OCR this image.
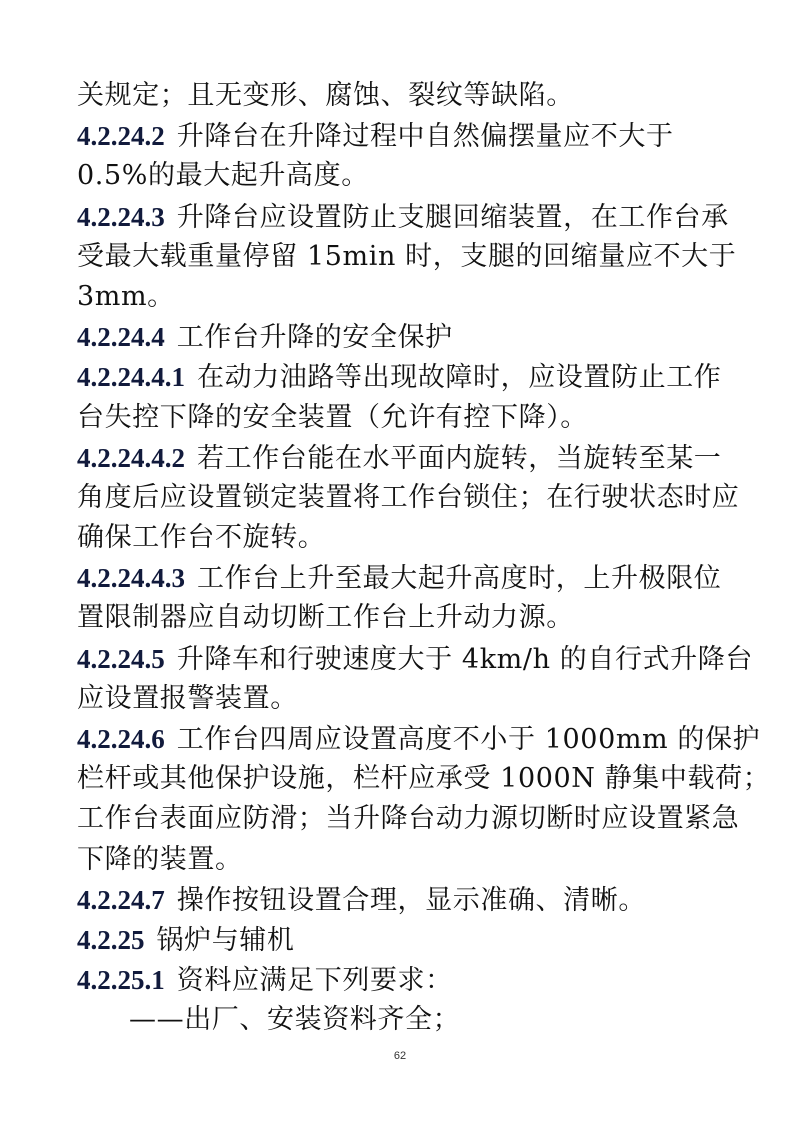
关规定；且无变形、腐蚀、裂纹等缺陷。
4.2.24.2 升降台在升降过程中自然偏摆量应不大于
0.5%的最大起升高度。
4.2.24.3 升降台应设置防止支腿回缩装置，在工作台承
受最大载重量停留 15min 时，支腿的回缩量应不大于
3mm。
4.2.24.4 工作台升降的安全保护
4.2.24.4.1 在动力油路等出现故障时，应设置防止工作
台失控下降的安全装置（允许有控下降）。
4.2.24.4.2 若工作台能在水平面内旋转，当旋转至某一
角度后应设置锁定装置将工作台锁住；在行驶状态时应
确保工作台不旋转。
4.2.24.4.3 工作台上升至最大起升高度时，上升极限位
置限制器应自动切断工作台上升动力源。
4.2.24.5 升降车和行驶速度大于 4km/h 的自行式升降台
应设置报警装置。
4.2.24.6 工作台四周应设置高度不小于 1000mm 的保护
栏杆或其他保护设施，栏杆应承受 1000N 静集中载荷；
工作台表面应防滑；当升降台动力源切断时应设置紧急
下降的装置。
4.2.24.7 操作按钮设置合理，显示准确、清晰。
4.2.25 锅炉与辅机
4.2.25.1 资料应满足下列要求：
——出厂、安装资料齐全；
62
